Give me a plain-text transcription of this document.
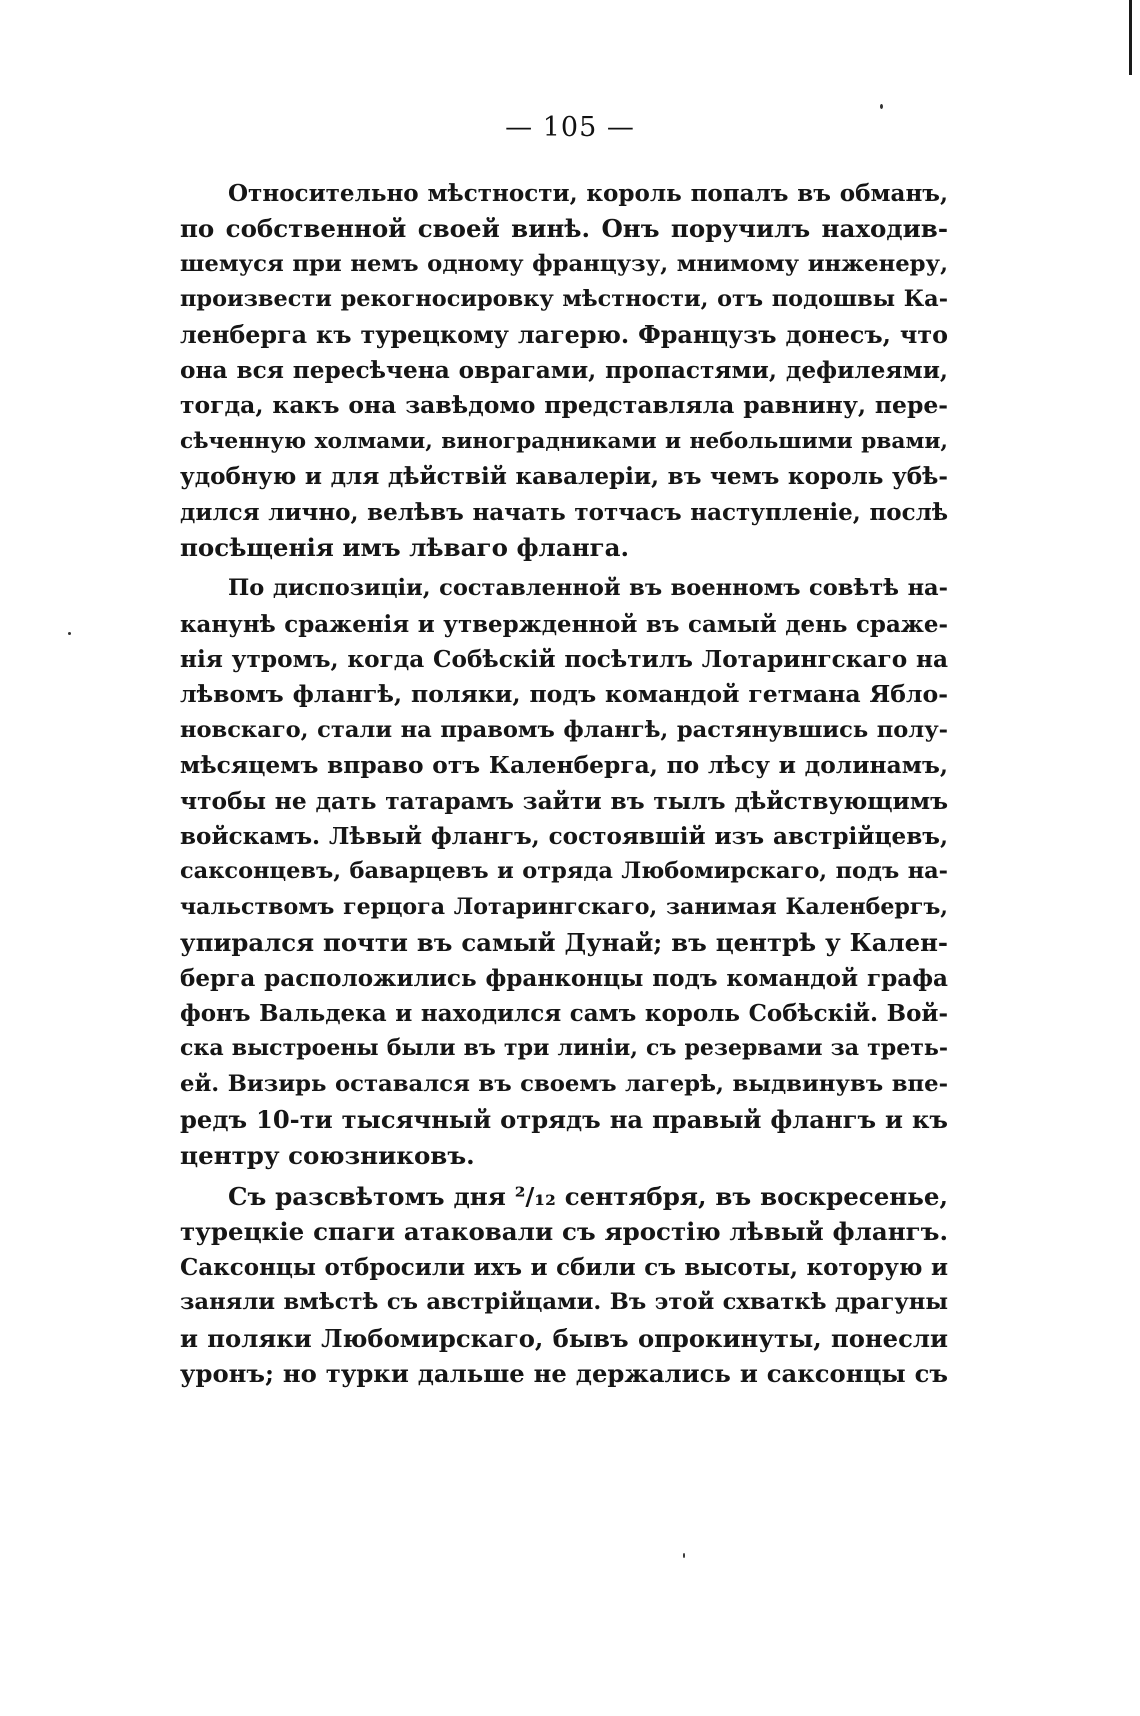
— 105 —
Относительно мѣстности, король попалъ въ обманъ,
по собственной своей винѣ. Онъ поручилъ находив-
шемуся при немъ одному французу, мнимому инженеру,
произвести рекогносировку мѣстности, отъ подошвы Ка-
ленберга къ турецкому лагерю. Французъ донесъ, что
она вся пересѣчена оврагами, пропастями, дефилеями,
тогда, какъ она завѣдомо представляла равнину, пере-
сѣченную холмами, виноградниками и небольшими рвами,
удобную и для дѣйствій кавалеріи, въ чемъ король убѣ-
дился лично, велѣвъ начать тотчасъ наступленіе, послѣ
посѣщенія имъ лѣваго фланга.
По диспозиціи, составленной въ военномъ совѣтѣ на-
канунѣ сраженія и утвержденной въ самый день сраже-
нія утромъ, когда Собѣскій посѣтилъ Лотарингскаго на
лѣвомъ флангѣ, поляки, подъ командой гетмана Ябло-
новскаго, стали на правомъ флангѣ, растянувшись полу-
мѣсяцемъ вправо отъ Каленберга, по лѣсу и долинамъ,
чтобы не дать татарамъ зайти въ тылъ дѣйствующимъ
войскамъ. Лѣвый флангъ, состоявшій изъ австрійцевъ,
саксонцевъ, баварцевъ и отряда Любомирскаго, подъ на-
чальствомъ герцога Лотарингскаго, занимая Каленбергъ,
упирался почти въ самый Дунай; въ центрѣ у Кален-
берга расположились франконцы подъ командой графа
фонъ Вальдека и находился самъ король Собѣскій. Вой-
ска выстроены были въ три линіи, съ резервами за треть-
ей. Визирь оставался въ своемъ лагерѣ, выдвинувъ впе-
редъ 10-ти тысячный отрядъ на правый флангъ и къ
центру союзниковъ.
Съ разсвѣтомъ дня ²/₁₂ сентября, въ воскресенье,
турецкіе спаги атаковали съ яростію лѣвый флангъ.
Саксонцы отбросили ихъ и сбили съ высоты, которую и
заняли вмѣстѣ съ австрійцами. Въ этой схваткѣ драгуны
и поляки Любомирскаго, бывъ опрокинуты, понесли
уронъ; но турки дальше не держались и саксонцы съ
